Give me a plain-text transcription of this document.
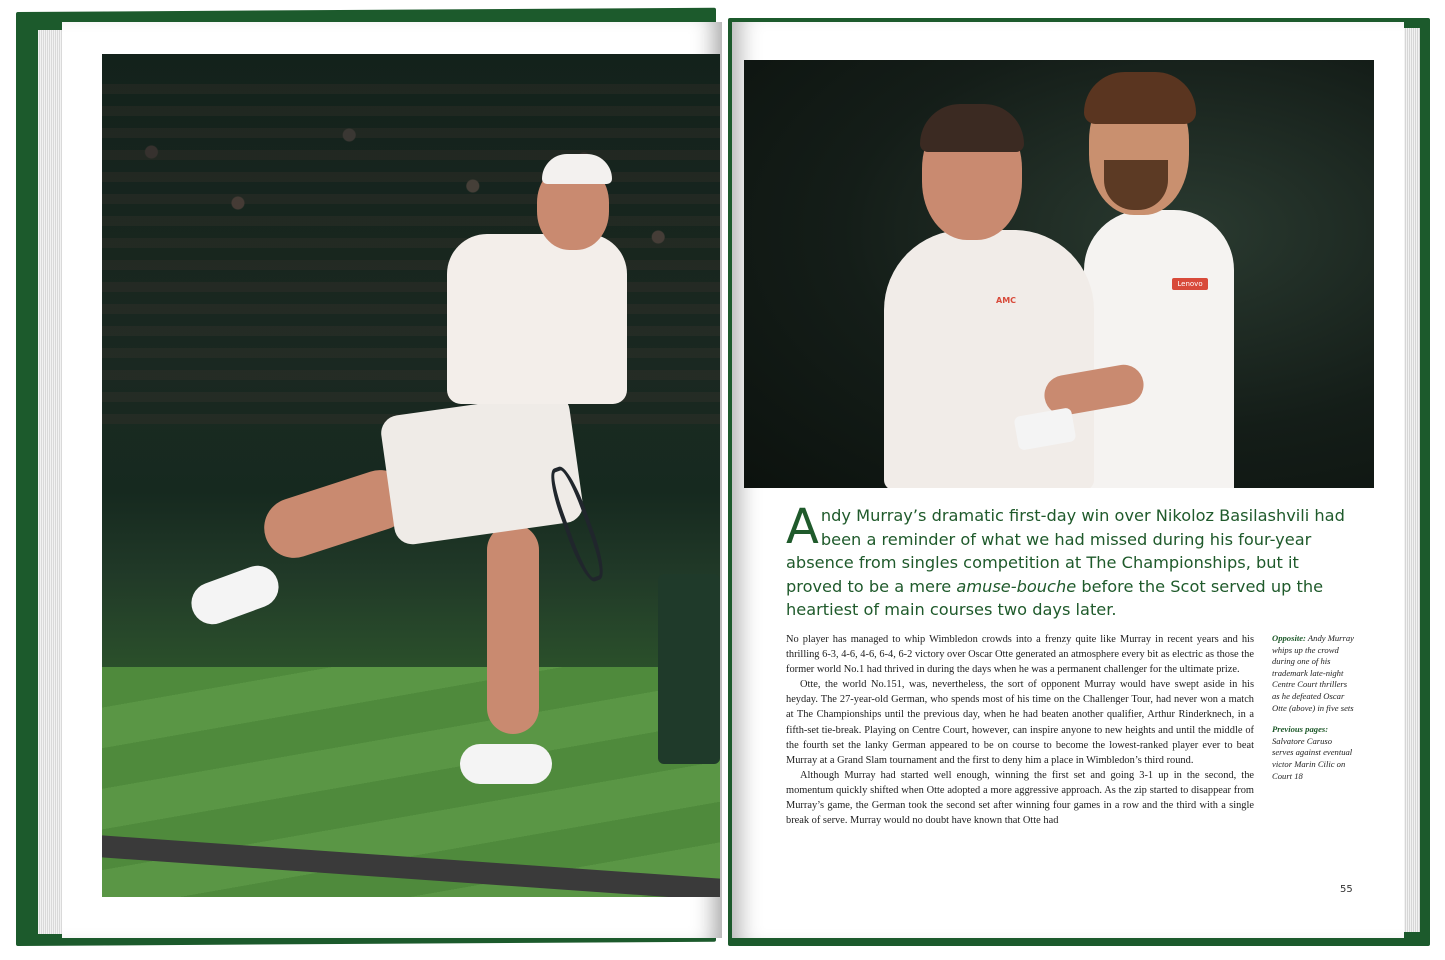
Lenovo
AMC
Andy Murray’s dramatic first-day win over Nikoloz Basilashvili had been a reminder of what we had missed during his four-year absence from singles competition at The Championships, but it proved to be a mere amuse-bouche before the Scot served up the heartiest of main courses two days later.

No player has managed to whip Wimbledon crowds into a frenzy quite like Murray in recent years and his thrilling 6-3, 4-6, 4-6, 6-4, 6-2 victory over Oscar Otte generated an atmosphere every bit as electric as those the former world No.1 had thrived in during the days when he was a permanent challenger for the ultimate prize.

Otte, the world No.151, was, nevertheless, the sort of opponent Murray would have swept aside in his heyday. The 27-year-old German, who spends most of his time on the Challenger Tour, had never won a match at The Championships until the previous day, when he had beaten another qualifier, Arthur Rinderknech, in a fifth-set tie-break. Playing on Centre Court, however, can inspire anyone to new heights and until the middle of the fourth set the lanky German appeared to be on course to become the lowest-ranked player ever to beat Murray at a Grand Slam tournament and the first to deny him a place in Wimbledon’s third round.

Although Murray had started well enough, winning the first set and going 3-1 up in the second, the momentum quickly shifted when Otte adopted a more aggressive approach. As the zip started to disappear from Murray’s game, the German took the second set after winning four games in a row and the third with a single break of serve. Murray would no doubt have known that Otte had

Opposite: Andy Murray whips up the crowd during one of his trademark late-night Centre Court thrillers as he defeated Oscar Otte (above) in five sets
Previous pages: Salvatore Caruso serves against eventual victor Marin Cilic on Court 18
55
